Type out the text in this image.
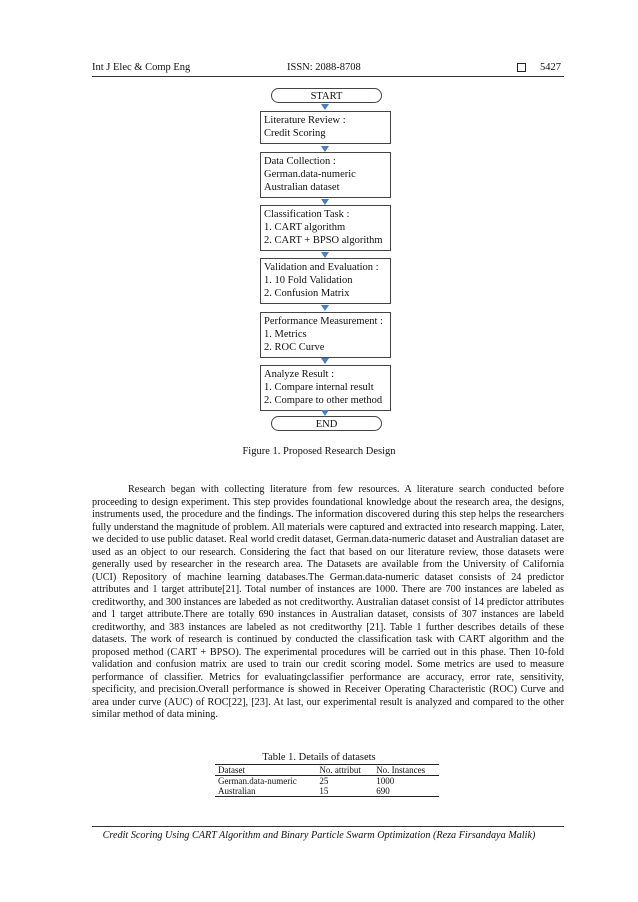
Int J Elec & Comp Eng	ISSN: 2088-8708	5427
START
Literature Review :
Credit Scoring
Data Collection :
German.data-numeric
Australian dataset
Classification Task :
1. CART algorithm
2. CART + BPSO algorithm
Validation and Evaluation :
1. 10 Fold Validation
2. Confusion Matrix
Performance Measurement :
1. Metrics
2. ROC Curve
Analyze Result :
1. Compare internal result
2. Compare to other method
END
Figure 1. Proposed Research Design

Research began with collecting literature from few resources. A literature search conducted before proceeding to design experiment. This step provides foundational knowledge about the research area, the designs, instruments used, the procedure and the findings. The information discovered during this step helps the researchers fully understand the magnitude of problem. All materials were captured and extracted into research mapping. Later, we decided to use public dataset. Real world credit dataset, German.data-numeric dataset and Australian dataset are used as an object to our research. Considering the fact that based on our literature review, those datasets were generally used by researcher in the research area. The Datasets are available from the University of California (UCI) Repository of machine learning databases.The German.data-numeric dataset consists of 24 predictor attributes and 1 target attribute[21]. Total number of instances are 1000. There are 700 instances are labeled as creditworthy, and 300 instances are labeded as not creditworthy. Australian dataset consist of 14 predictor attributes and 1 target attribute.There are totally 690 instances in Australian dataset, consists of 307 instances are labeld creditworthy, and 383 instances are labeled as not creditworthy [21]. Table 1 further describes details of these datasets. The work of research is continued by conducted the classification task with CART algorithm and the proposed method (CART + BPSO). The experimental procedures will be carried out in this phase. Then 10-fold validation and confusion matrix are used to train our credit scoring model. Some metrics are used to measure performance of classifier. Metrics for evaluatingclassifier performance are accuracy, error rate, sensitivity, specificity, and precision.Overall performance is showed in Receiver Operating Characteristic (ROC) Curve and area under curve (AUC) of ROC[22], [23]. At last, our experimental result is analyzed and compared to the other similar method of data mining.

Table 1. Details of datasets
Dataset	No. attribut	No. Instances
German.data-numeric	25	1000
Australian	15	690
Credit Scoring Using CART Algorithm and Binary Particle Swarm Optimization (Reza Firsandaya Malik)
